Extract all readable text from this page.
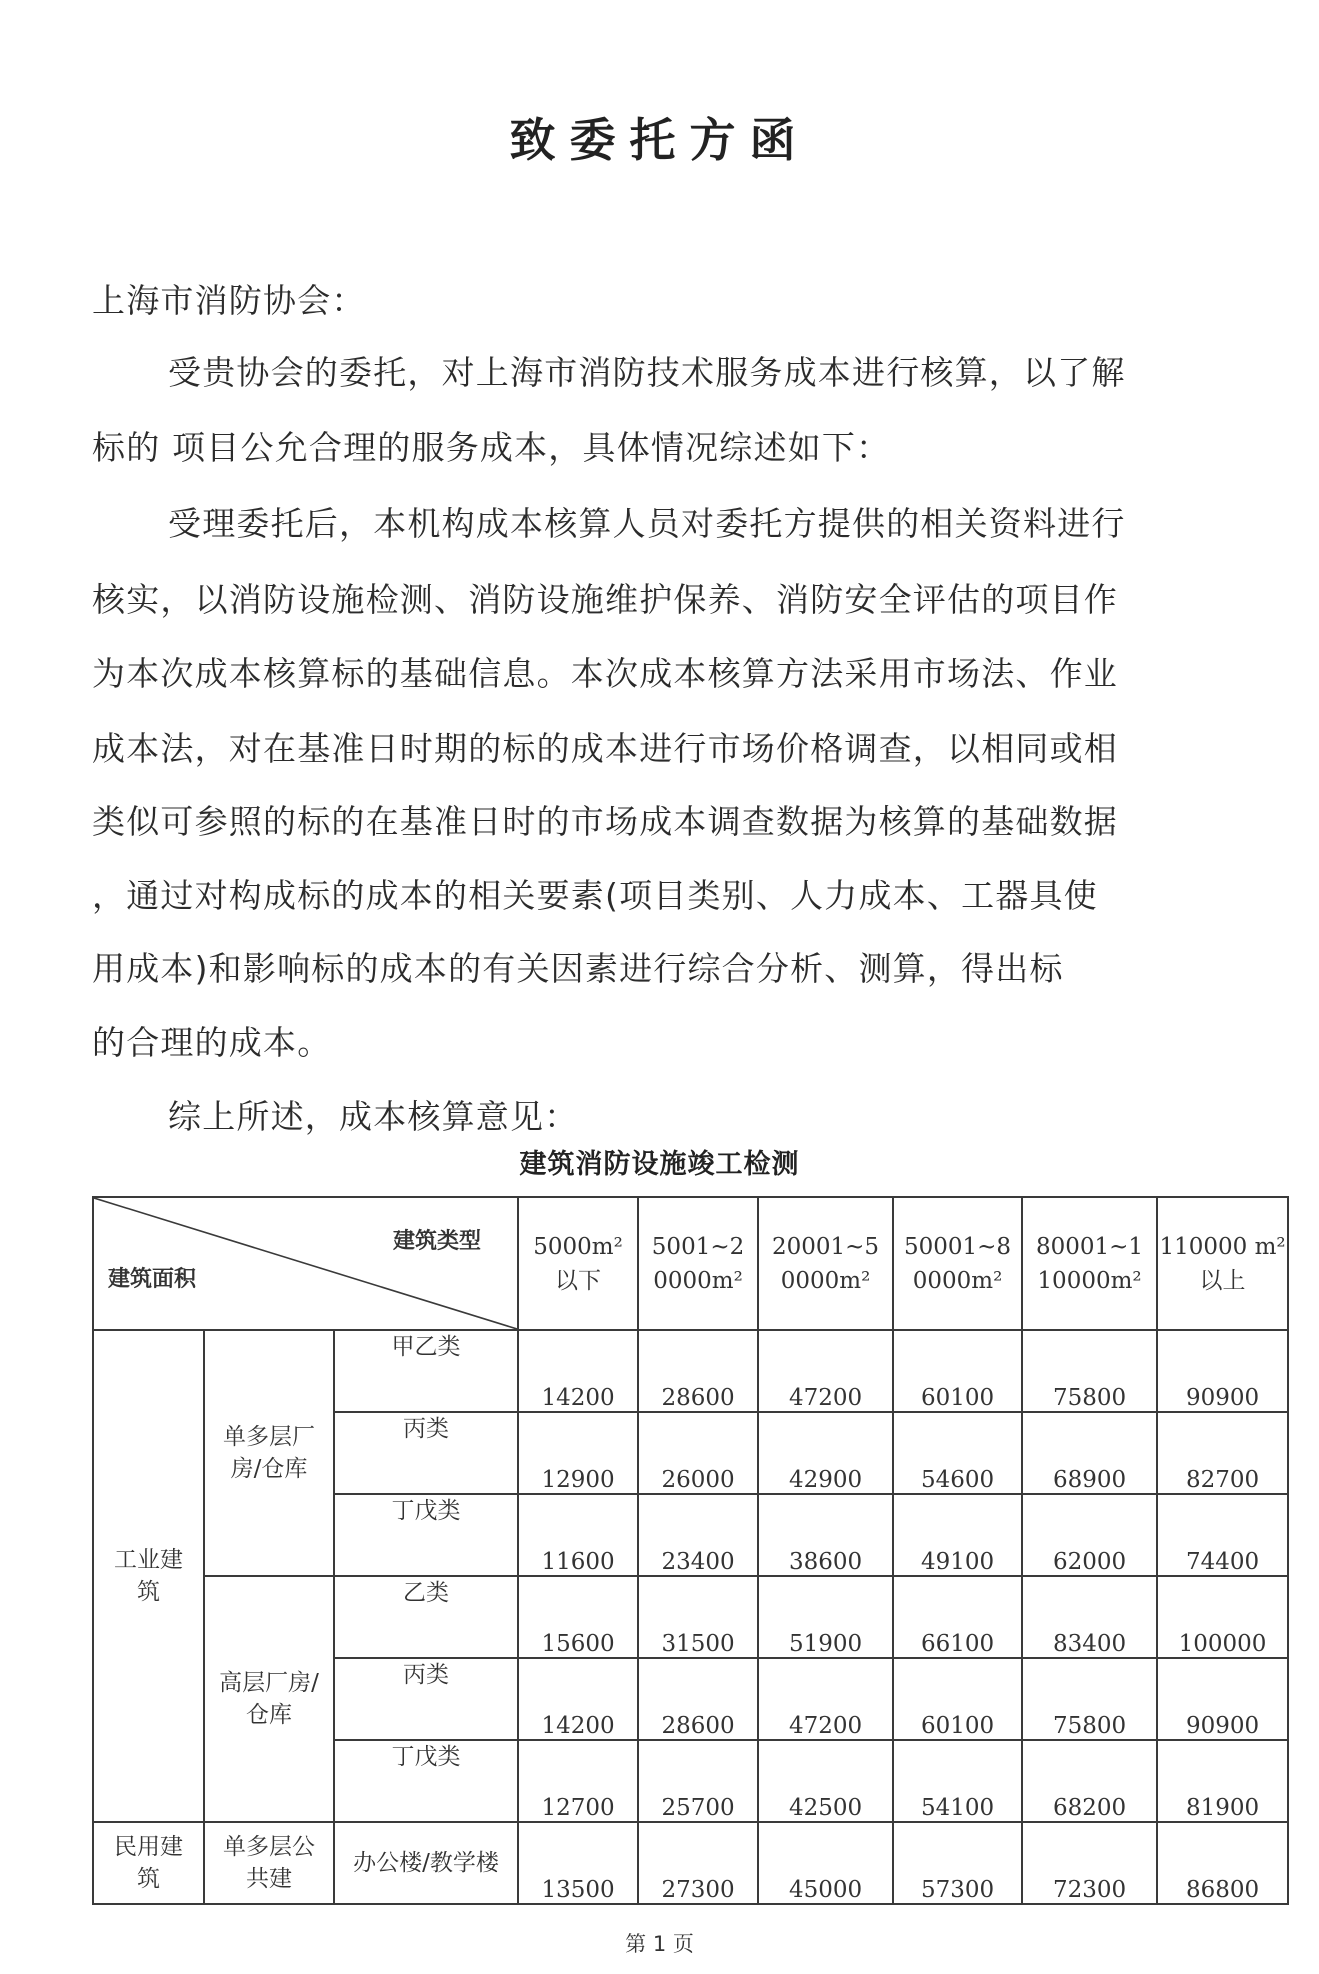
致委托方函
上海市消防协会：
受贵协会的委托，对上海市消防技术服务成本进行核算，以了解
标的 项目公允合理的服务成本，具体情况综述如下：
受理委托后，本机构成本核算人员对委托方提供的相关资料进行
核实，以消防设施检测、消防设施维护保养、消防安全评估的项目作
为本次成本核算标的基础信息。本次成本核算方法采用市场法、作业
成本法，对在基准日时期的标的成本进行市场价格调查，以相同或相
类似可参照的标的在基准日时的市场成本调查数据为核算的基础数据
，通过对构成标的成本的相关要素(项目类别、人力成本、工器具使
用成本)和影响标的成本的有关因素进行综合分析、测算，得出标
的合理的成本。
综上所述，成本核算意见：
建筑消防设施竣工检测
建筑类型
建筑面积			5000m² 以下	5001~2 0000m²	20001~5 0000m²	50001~8 0000m²	80001~1 10000m²	110000 m²以上
工业建筑	单多层厂房/仓库	甲乙类	14200	28600	47200	60100	75800	90900
		丙类	12900	26000	42900	54600	68900	82700
		丁戊类	11600	23400	38600	49100	62000	74400
	高层厂房/仓库	乙类	15600	31500	51900	66100	83400	100000
		丙类	14200	28600	47200	60100	75800	90900
		丁戊类	12700	25700	42500	54100	68200	81900
民用建筑	单多层公共建	办公楼/教学楼	13500	27300	45000	57300	72300	86800
第 1 页
